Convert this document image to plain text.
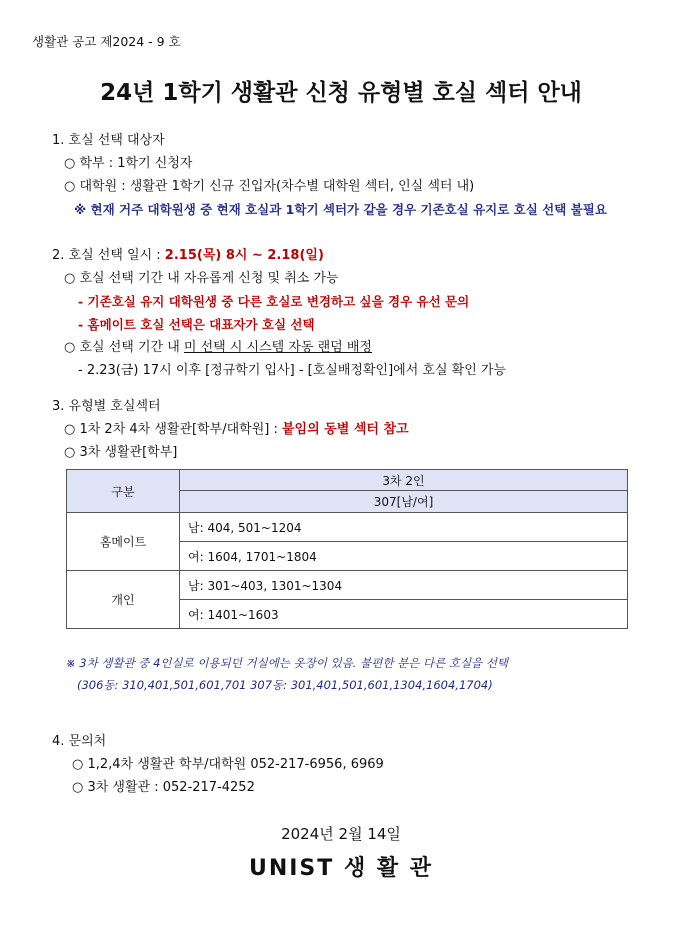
생활관 공고 제2024 - 9 호
24년 1학기 생활관 신청 유형별 호실 섹터 안내
1. 호실 선택 대상자
○ 학부 : 1학기 신청자
○ 대학원 : 생활관 1학기 신규 진입자(차수별 대학원 섹터, 인실 섹터 내)
※ 현재 거주 대학원생 중 현재 호실과 1학기 섹터가 같을 경우 기존호실 유지로 호실 선택 불필요
2. 호실 선택 일시 : 2.15(목) 8시 ~ 2.18(일)
○ 호실 선택 기간 내 자유롭게 신청 및 취소 가능
- 기존호실 유지 대학원생 중 다른 호실로 변경하고 싶을 경우 유선 문의
- 홈메이트 호실 선택은 대표자가 호실 선택
○ 호실 선택 기간 내 미 선택 시 시스템 자동 랜덤 배정
- 2.23(금) 17시 이후 [정규학기 입사] - [호실배정확인]에서 호실 확인 가능
3. 유형별 호실섹터
○ 1차 2차 4차 생활관[학부/대학원] : 붙임의 동별 섹터 참고
○ 3차 생활관[학부]
구분	3차 2인
	307[남/여]
홈메이트	남: 404, 501~1204
	여: 1604, 1701~1804
개인	남: 301~403, 1301~1304
	여: 1401~1603
※ 3차 생활관 중 4인실로 이용되던 거실에는 옷장이 있음. 불편한 분은 다른 호실을 선택
(306동: 310,401,501,601,701 307동: 301,401,501,601,1304,1604,1704)
4. 문의처
○ 1,2,4차 생활관 학부/대학원 052-217-6956, 6969
○ 3차 생활관 : 052-217-4252
2024년 2월 14일
UNIST 생 활 관
